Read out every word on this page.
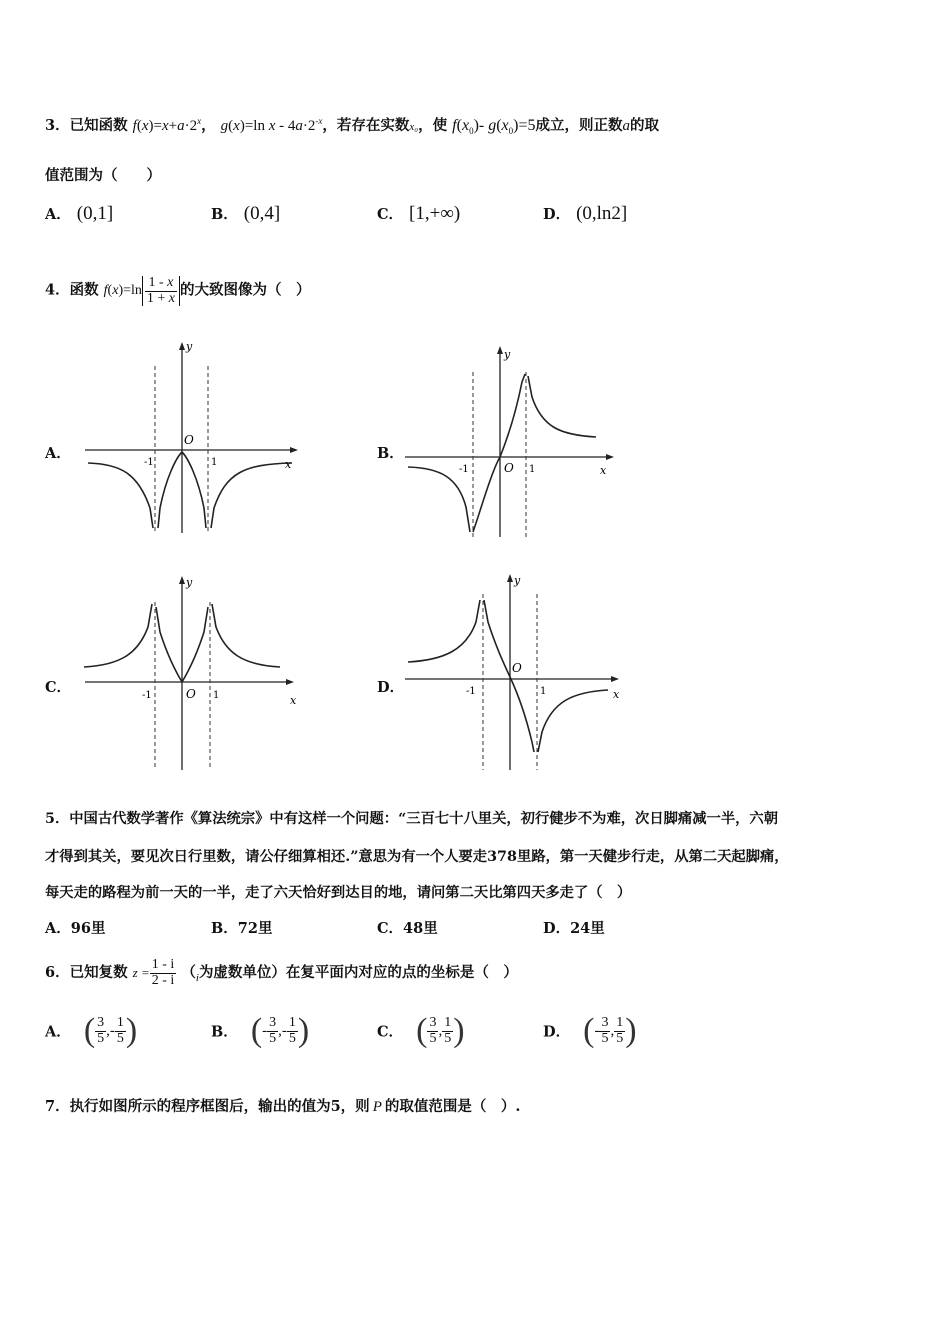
3．已知函数 $f(x)=x+a\cdot 2^x$， g(x)=ln $x - 4a\cdot 2^{-x}$，若存在实数x₀，使 $f(x_0)-$ $g(x_0)=5$成立，则正数a的取
值范围为（　　）
A． (0,1]	B． (0,4]	C． [1,+∞)	D． (0,ln2]
4．函数 $f(x)=\ln \frac{1 - x}{1 + x}$ 的大致图像为（　）
A．
y
O
-1	1	x
B．
y
O
-1	1	x
C．
y
O
-1	1	x
D．
y
O
-1	1	x
5．中国古代数学著作《算法统宗》中有这样一个问题：“三百七十八里关，初行健步不为难，次日脚痛减一半，六朝
才得到其关，要见次日行里数，请公仔细算相还.”意思为有一个人要走378里路，第一天健步行走，从第二天起脚痛，
每天走的路程为前一天的一半，走了六天恰好到达目的地，请问第二天比第四天多走了（　）
A．96里	B．72里	C．48里	D．24里
6．已知复数 $z = \frac{1 - i}{2 - i} (_i$为虚数单位）在复平面内对应的点的坐标是（　）
A． ( $\frac{3}{5}$ ,- $\frac{1}{5}$ )	B． (- $\frac{3}{5}$ ,- $\frac{1}{5}$ )	C． ( $\frac{3}{5}$ , $\frac{1}{5}$ )	D． (- $\frac{3}{5}$ , $\frac{1}{5}$ )
7．执行如图所示的程序框图后，输出的值为5，则 P 的取值范围是（　）.
